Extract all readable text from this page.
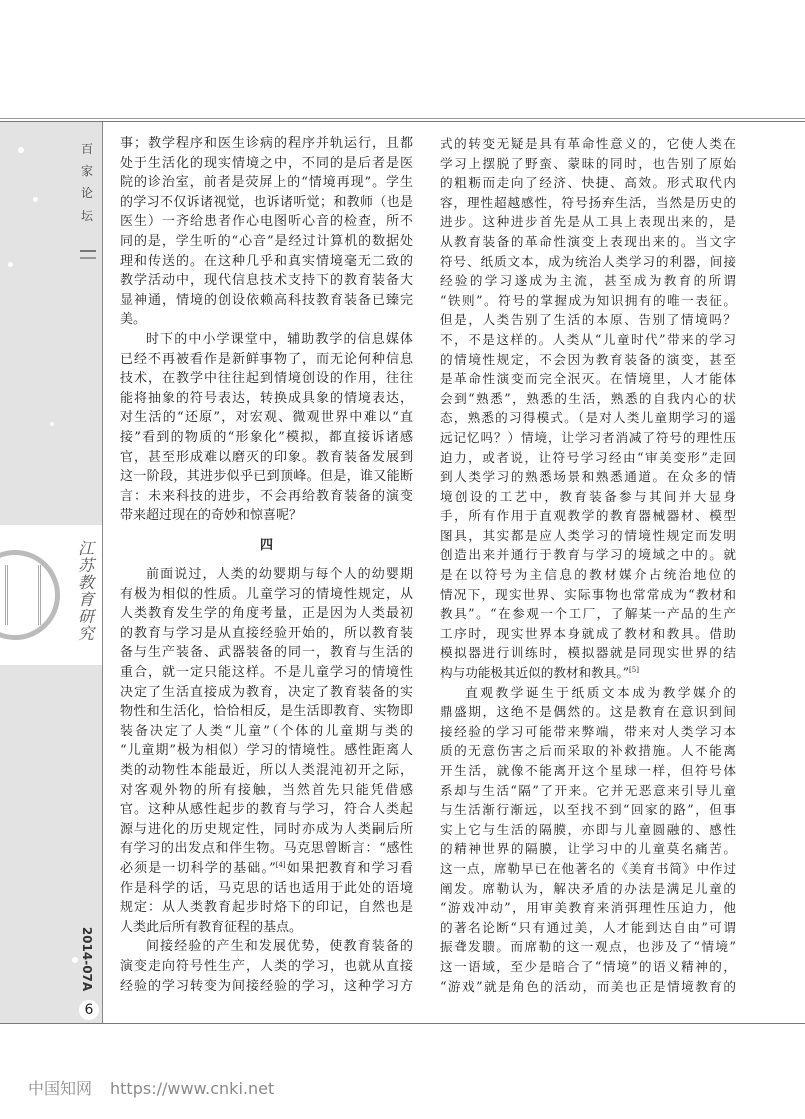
百
家
论
坛
江
苏
教
育
研
究
2014-07A
6
事；教学程序和医生诊病的程序并轨运行，且都
处于生活化的现实情境之中，不同的是后者是医
院的诊治室，前者是荧屏上的“情境再现”。学生
的学习不仅诉诸视觉，也诉诸听觉；和教师（也是
医生）一齐给患者作心电图听心音的检查，所不
同的是，学生听的“心音”是经过计算机的数据处
理和传送的。在这种几乎和真实情境毫无二致的
教学活动中，现代信息技术支持下的教育装备大
显神通，情境的创设依赖高科技教育装备已臻完
美。
时下的中小学课堂中，辅助教学的信息媒体
已经不再被看作是新鲜事物了，而无论何种信息
技术，在教学中往往起到情境创设的作用，往往
能将抽象的符号表达，转换成具象的情境表达，
对生活的“还原”，对宏观、微观世界中难以“直
接”看到的物质的“形象化”模拟，都直接诉诸感
官，甚至形成难以磨灭的印象。教育装备发展到
这一阶段，其进步似乎已到顶峰。但是，谁又能断
言：未来科技的进步，不会再给教育装备的演变
带来超过现在的奇妙和惊喜呢？
四
前面说过，人类的幼婴期与每个人的幼婴期
有极为相似的性质。儿童学习的情境性规定，从
人类教育发生学的角度考量，正是因为人类最初
的教育与学习是从直接经验开始的，所以教育装
备与生产装备、武器装备的同一，教育与生活的
重合，就一定只能这样。不是儿童学习的情境性
决定了生活直接成为教育，决定了教育装备的实
物性和生活化，恰恰相反，是生活即教育、实物即
装备决定了人类“儿童”（个体的儿童期与类的
“儿童期”极为相似）学习的情境性。感性距离人
类的动物性本能最近，所以人类混沌初开之际，
对客观外物的所有接触，当然首先只能凭借感
官。这种从感性起步的教育与学习，符合人类起
源与进化的历史规定性，同时亦成为人类嗣后所
有学习的出发点和伴生物。马克思曾断言：“感性
必须是一切科学的基础。”[4]如果把教育和学习看
作是科学的话，马克思的话也适用于此处的语境
规定：从人类教育起步时烙下的印记，自然也是
人类此后所有教育征程的基点。
间接经验的产生和发展优势，使教育装备的
演变走向符号性生产，人类的学习，也就从直接
经验的学习转变为间接经验的学习，这种学习方
式的转变无疑是具有革命性意义的，它使人类在
学习上摆脱了野蛮、蒙昧的同时，也告别了原始
的粗粝而走向了经济、快捷、高效。形式取代内
容，理性超越感性，符号扬弃生活，当然是历史的
进步。这种进步首先是从工具上表现出来的，是
从教育装备的革命性演变上表现出来的。当文字
符号、纸质文本，成为统治人类学习的利器，间接
经验的学习遂成为主流，甚至成为教育的所谓
“铁则”。符号的掌握成为知识拥有的唯一表征。
但是，人类告别了生活的本原、告别了情境吗？
不，不是这样的。人类从“儿童时代”带来的学习
的情境性规定，不会因为教育装备的演变，甚至
是革命性演变而完全泯灭。在情境里，人才能体
会到“熟悉”，熟悉的生活，熟悉的自我内心的状
态，熟悉的习得模式。（是对人类儿童期学习的遥
远记忆吗？）情境，让学习者消减了符号的理性压
迫力，或者说，让符号学习经由“审美变形”走回
到人类学习的熟悉场景和熟悉通道。在众多的情
境创设的工艺中，教育装备参与其间并大显身
手，所有作用于直观教学的教育器械器材、模型
图具，其实都是应人类学习的情境性规定而发明
创造出来并通行于教育与学习的境域之中的。就
是在以符号为主信息的教材媒介占统治地位的
情况下，现实世界、实际事物也常常成为“教材和
教具”。“在参观一个工厂，了解某一产品的生产
工序时，现实世界本身就成了教材和教具。借助
模拟器进行训练时，模拟器就是同现实世界的结
构与功能极其近似的教材和教具。”[5]
直观教学诞生于纸质文本成为教学媒介的
鼎盛期，这绝不是偶然的。这是教育在意识到间
接经验的学习可能带来弊端，带来对人类学习本
质的无意伤害之后而采取的补救措施。人不能离
开生活，就像不能离开这个星球一样，但符号体
系却与生活“隔”了开来。它并无恶意来引导儿童
与生活渐行渐远，以至找不到“回家的路”，但事
实上它与生活的隔膜，亦即与儿童圆融的、感性
的精神世界的隔膜，让学习中的儿童莫名痛苦。
这一点，席勒早已在他著名的《美育书简》中作过
阐发。席勒认为，解决矛盾的办法是满足儿童的
“游戏冲动”，用审美教育来消弭理性压迫力，他
的著名论断“只有通过美，人才能到达自由”可谓
振聋发聩。而席勒的这一观点，也涉及了“情境”
这一语域，至少是暗合了“情境”的语义精神的，
“游戏”就是角色的活动，而美也正是情境教育的
中国知网 https://www.cnki.net
